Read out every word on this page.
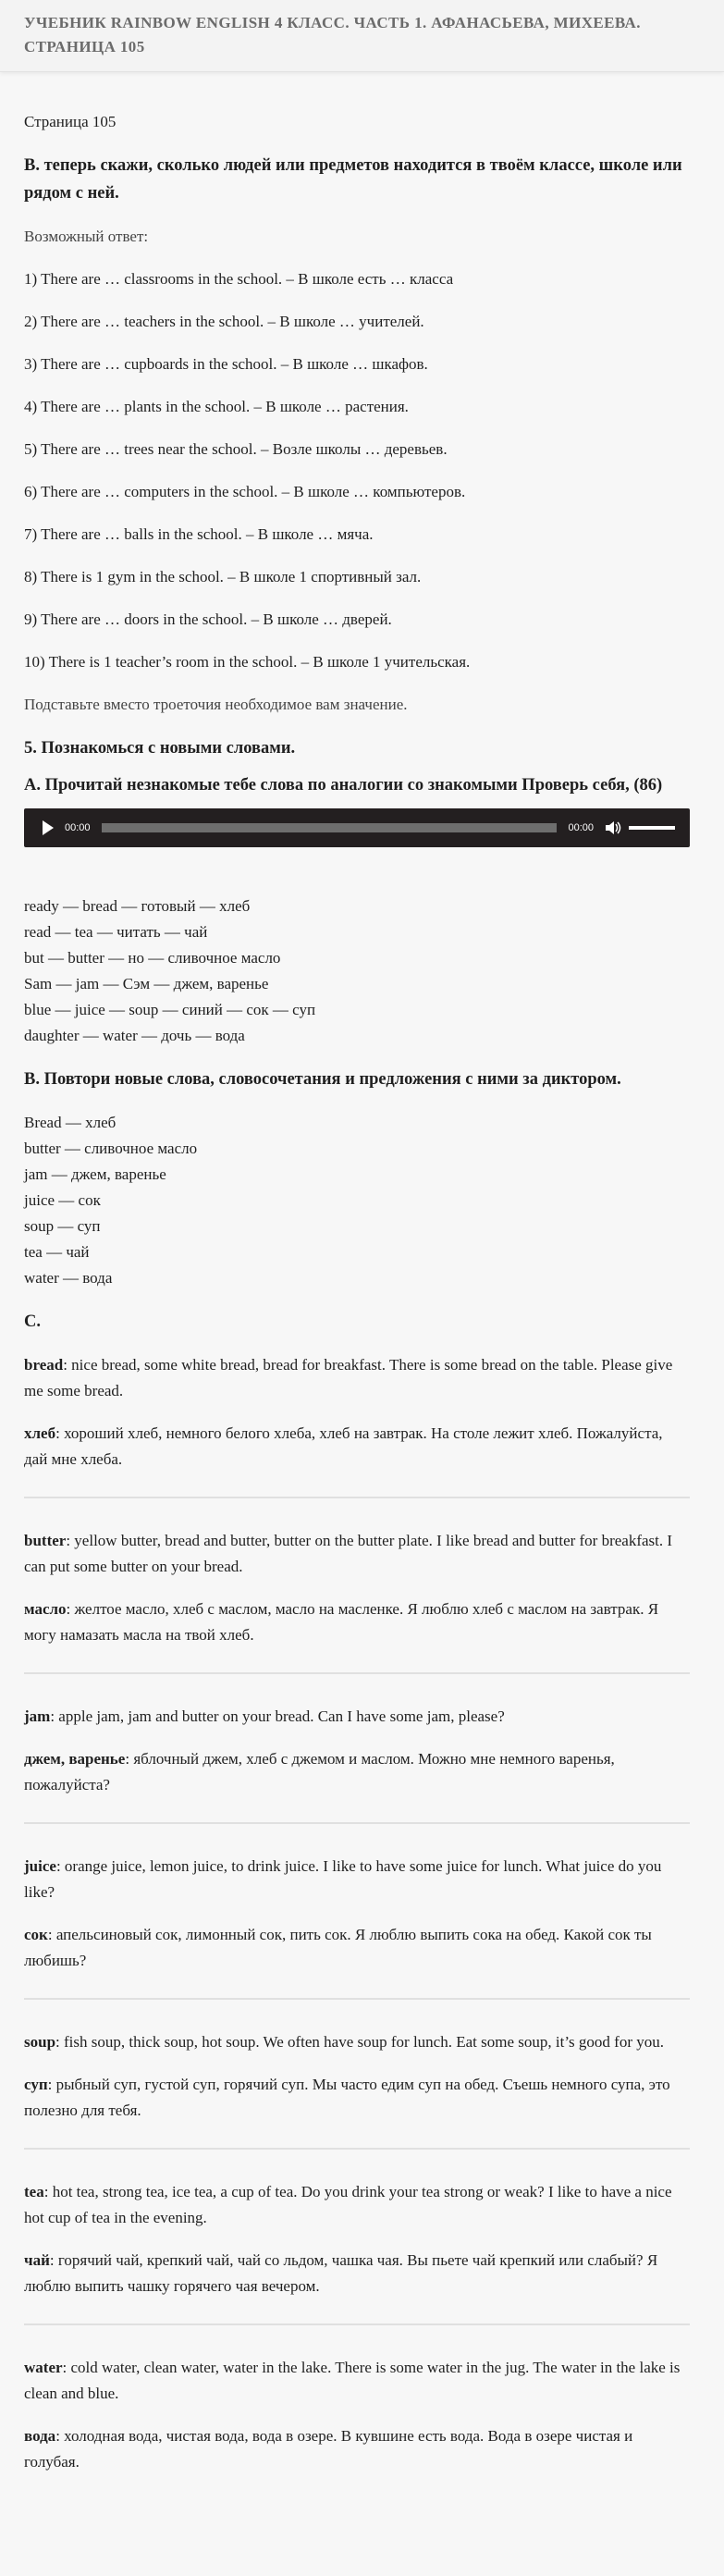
УЧЕБНИК RAINBOW ENGLISH 4 КЛАСС. ЧАСТЬ 1. АФАНАСЬЕВА, МИХЕЕВА. СТРАНИЦА 105

Страница 105

В. теперь скажи, сколько людей или предметов находится в твоём классе, школе или рядом с ней.

Возможный ответ:

1) There are … classrooms in the school. – В школе есть … класса
2) There are … teachers in the school. – В школе … учителей.
3) There are … cupboards in the school. – В школе … шкафов.
4) There are … plants in the school. – В школе … растения.
5) There are … trees near the school. – Возле школы … деревьев.
6) There are … computers in the school. – В школе … компьютеров.
7) There are … balls in the school. – В школе … мяча.
8) There is 1 gym in the school. – В школе 1 спортивный зал.
9) There are … doors in the school. – В школе … дверей.
10) There is 1 teacher’s room in the school. – В школе 1 учительская.

Подставьте вместо троеточия необходимое вам значение.

5. Познакомься с новыми словами.

А. Прочитай незнакомые тебе слова по аналогии со знакомыми Проверь себя, (86)

00:00	00:00

ready — bread — готовый — хлеб

read — tea — читать — чай

but — butter — но — сливочное масло

Sam — jam — Сэм — джем, варенье

blue — juice — soup — синий — сок — суп

daughter — water — дочь — вода

В. Повтори новые слова, словосочетания и предложения с ними за диктором.

Bread — хлеб

butter — сливочное масло

jam — джем, варенье

juice — сок

soup — суп

tea — чай

water — вода

C.

bread: nice bread, some white bread, bread for breakfast. There is some bread on the table. Please give me some bread.

хлеб: хороший хлеб, немного белого хлеба, хлеб на завтрак. На столе лежит хлеб. Пожалуйста, дай мне хлеба.

butter: yellow butter, bread and butter, butter on the butter plate. I like bread and butter for breakfast. I can put some butter on your bread.

масло: желтое масло, хлеб с маслом, масло на масленке. Я люблю хлеб с маслом на завтрак. Я могу намазать масла на твой хлеб.

jam: apple jam, jam and butter on your bread. Can I have some jam, please?

джем, варенье: яблочный джем, хлеб с джемом и маслом. Можно мне немного варенья, пожалуйста?

juice: orange juice, lemon juice, to drink juice. I like to have some juice for lunch. What juice do you like?

сок: апельсиновый сок, лимонный сок, пить сок. Я люблю выпить сока на обед. Какой сок ты любишь?

soup: fish soup, thick soup, hot soup. We often have soup for lunch. Eat some soup, it’s good for you.

суп: рыбный суп, густой суп, горячий суп. Мы часто едим суп на обед. Съешь немного супа, это полезно для тебя.

tea: hot tea, strong tea, ice tea, a cup of tea. Do you drink your tea strong or weak? I like to have a nice hot cup of tea in the evening.

чай: горячий чай, крепкий чай, чай со льдом, чашка чая. Вы пьете чай крепкий или слабый? Я люблю выпить чашку горячего чая вечером.

water: cold water, clean water, water in the lake. There is some water in the jug. The water in the lake is clean and blue.

вода: холодная вода, чистая вода, вода в озере. В кувшине есть вода. Вода в озере чистая и голубая.
